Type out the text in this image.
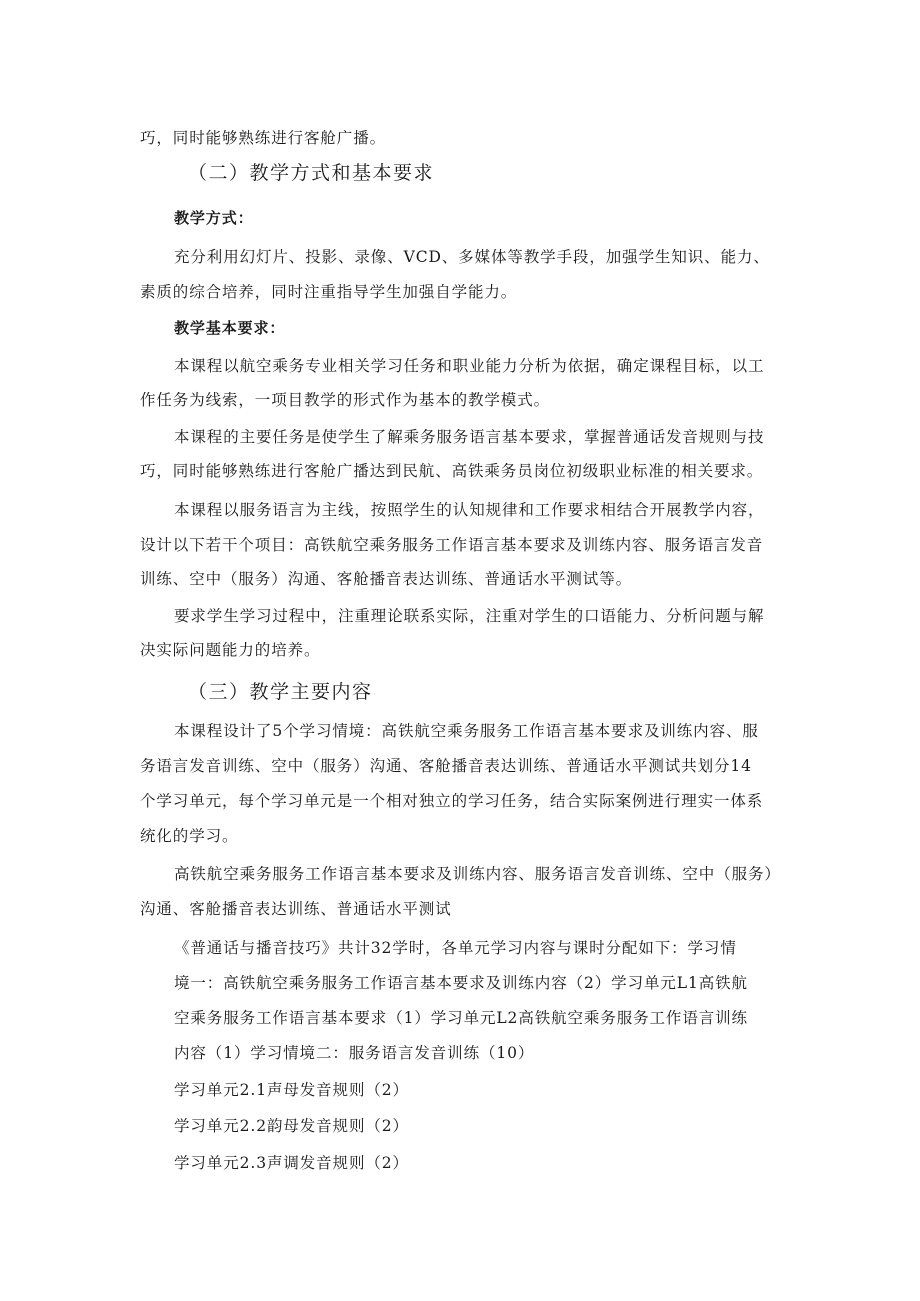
巧，同时能够熟练进行客舱广播。
（二）教学方式和基本要求
教学方式：
充分利用幻灯片、投影、录像、VCD、多媒体等教学手段，加强学生知识、能力、
素质的综合培养，同时注重指导学生加强自学能力。
教学基本要求：
本课程以航空乘务专业相关学习任务和职业能力分析为依据，确定课程目标，以工
作任务为线索，一项目教学的形式作为基本的教学模式。
本课程的主要任务是使学生了解乘务服务语言基本要求，掌握普通话发音规则与技
巧，同时能够熟练进行客舱广播达到民航、高铁乘务员岗位初级职业标准的相关要求。
本课程以服务语言为主线，按照学生的认知规律和工作要求相结合开展教学内容，
设计以下若干个项目：高铁航空乘务服务工作语言基本要求及训练内容、服务语言发音
训练、空中（服务）沟通、客舱播音表达训练、普通话水平测试等。
要求学生学习过程中，注重理论联系实际，注重对学生的口语能力、分析问题与解
决实际问题能力的培养。
（三）教学主要内容
本课程设计了5个学习情境：高铁航空乘务服务工作语言基本要求及训练内容、服
务语言发音训练、空中（服务）沟通、客舱播音表达训练、普通话水平测试共划分14
个学习单元，每个学习单元是一个相对独立的学习任务，结合实际案例进行理实一体系
统化的学习。
高铁航空乘务服务工作语言基本要求及训练内容、服务语言发音训练、空中（服务）
沟通、客舱播音表达训练、普通话水平测试
《普通话与播音技巧》共计32学时，各单元学习内容与课时分配如下：学习情
境一：高铁航空乘务服务工作语言基本要求及训练内容（2）学习单元L1高铁航
空乘务服务工作语言基本要求（1）学习单元L2高铁航空乘务服务工作语言训练
内容（1）学习情境二：服务语言发音训练（10）
学习单元2.1声母发音规则（2）
学习单元2.2韵母发音规则（2）
学习单元2.3声调发音规则（2）
